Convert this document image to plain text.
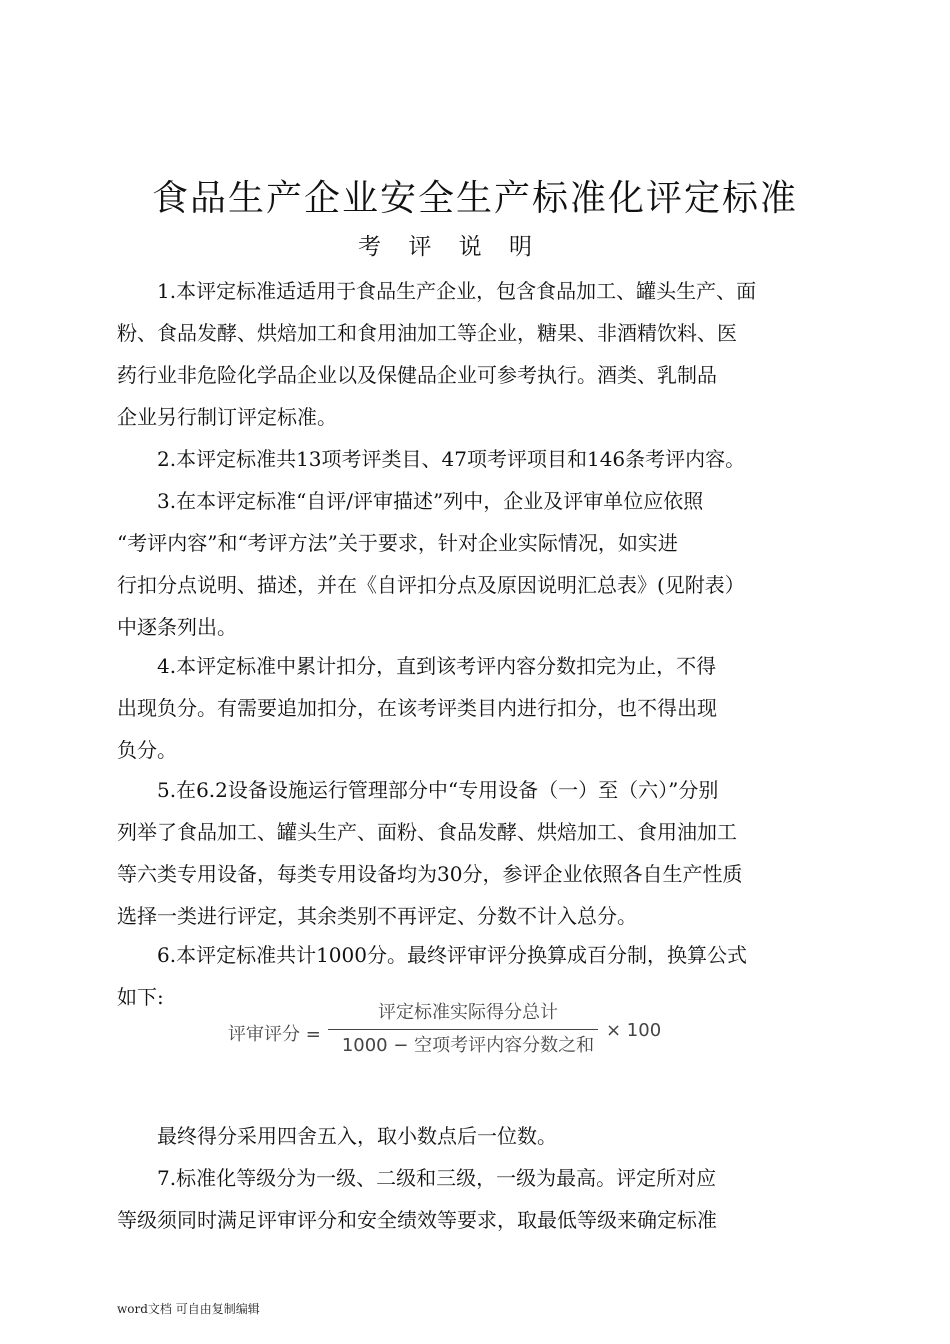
食品生产企业安全生产标准化评定标准
考 评 说 明
1.本评定标准适适用于食品生产企业，包含食品加工、罐头生产、面
粉、食品发酵、烘焙加工和食用油加工等企业，糖果、非酒精饮料、医
药行业非危险化学品企业以及保健品企业可参考执行。酒类、乳制品
企业另行制订评定标准。
2.本评定标准共13项考评类目、47项考评项目和146条考评内容。
3.在本评定标准“自评/评审描述”列中，企业及评审单位应依照
“考评内容”和“考评方法”关于要求，针对企业实际情况，如实进
行扣分点说明、描述，并在《自评扣分点及原因说明汇总表》(见附表）
中逐条列出。
4.本评定标准中累计扣分，直到该考评内容分数扣完为止，不得
出现负分。有需要追加扣分，在该考评类目内进行扣分，也不得出现
负分。
5.在6.2设备设施运行管理部分中“专用设备（一）至（六）”分别
列举了食品加工、罐头生产、面粉、食品发酵、烘焙加工、食用油加工
等六类专用设备，每类专用设备均为30分，参评企业依照各自生产性质
选择一类进行评定，其余类别不再评定、分数不计入总分。
6.本评定标准共计1000分。最终评审评分换算成百分制，换算公式
如下:
评审评分 =
评定标准实际得分总计
1000 − 空项考评内容分数之和
× 100
最终得分采用四舍五入，取小数点后一位数。
7.标准化等级分为一级、二级和三级，一级为最高。评定所对应
等级须同时满足评审评分和安全绩效等要求，取最低等级来确定标准
word文档 可自由复制编辑
